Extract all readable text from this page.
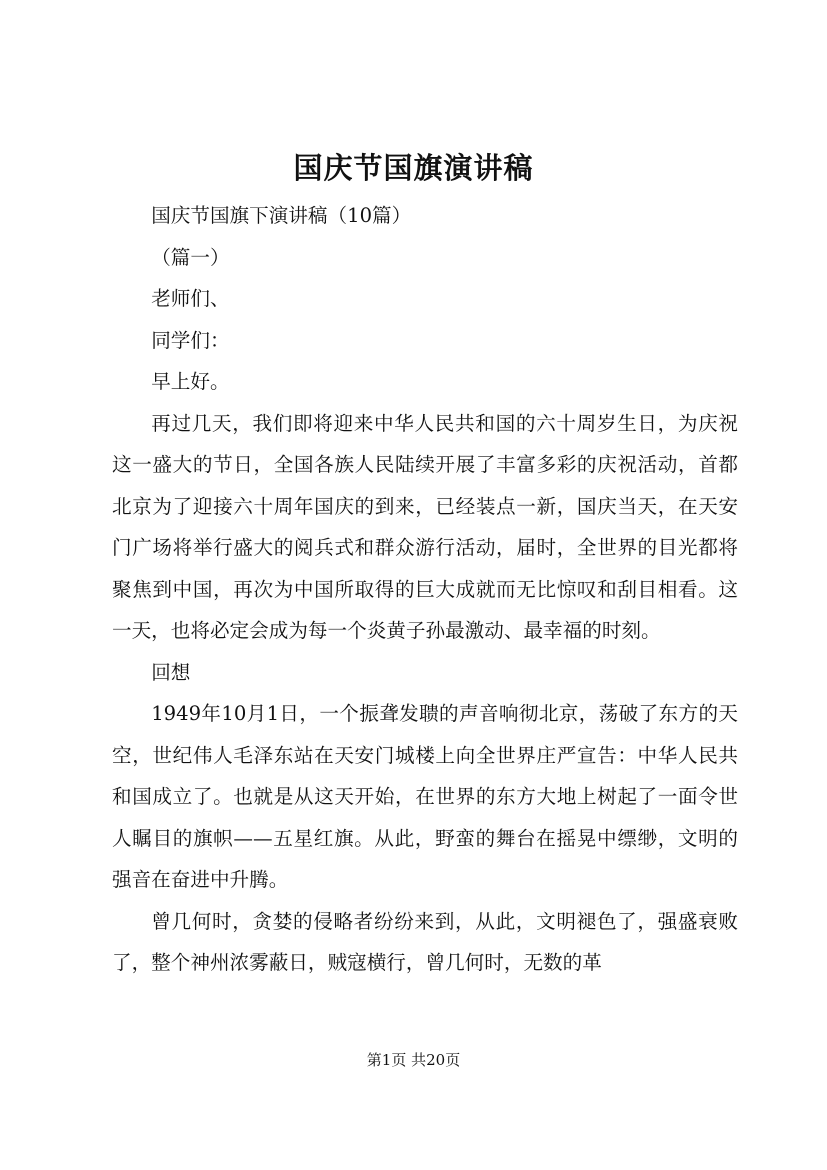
国庆节国旗演讲稿

国庆节国旗下演讲稿（10篇）

（篇一）

老师们、

同学们：

早上好。

再过几天，我们即将迎来中华人民共和国的六十周岁生日，为庆祝这一盛大的节日，全国各族人民陆续开展了丰富多彩的庆祝活动，首都北京为了迎接六十周年国庆的到来，已经装点一新，国庆当天，在天安门广场将举行盛大的阅兵式和群众游行活动，届时，全世界的目光都将聚焦到中国，再次为中国所取得的巨大成就而无比惊叹和刮目相看。这一天，也将必定会成为每一个炎黄子孙最激动、最幸福的时刻。

回想

1949年10月1日，一个振聋发聩的声音响彻北京，荡破了东方的天空，世纪伟人毛泽东站在天安门城楼上向全世界庄严宣告：中华人民共和国成立了。也就是从这天开始，在世界的东方大地上树起了一面令世人瞩目的旗帜——五星红旗。从此，野蛮的舞台在摇晃中缥缈，文明的强音在奋进中升腾。

曾几何时，贪婪的侵略者纷纷来到，从此，文明褪色了，强盛衰败了，整个神州浓雾蔽日，贼寇横行，曾几何时，无数的革

第1页 共20页
